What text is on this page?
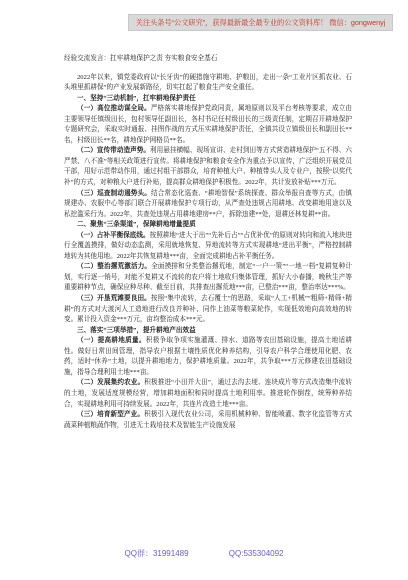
关注头条号“公文研究”，获得最新最全最专业的公文资料库！ 微信：gongwenyj

经验交流发言：扛牢耕地保护之责 夯实粮食安全基石

2022年以来，镇党委政府以“长牙齿”的硬措施守耕地、护粮田，走出一条“工业片区抓农业、石头堆里抓耕保”的产业发展新路径，切实扛起了粮食生产安全重任。

一、坚持“三动机制”，扛牢耕地保护责任

（一）高位推动谋全局。严格落实耕地保护党政同责，属地原则以及平台考核等要求，成立由主要领导任镇级田长，包村领导任副田长，各村书记任村级田长的三级责任制，定期召开耕地保护专题研究会，采取实时通报、挂图作战的方式压实耕地保护责任，全镇共设立镇级田长和副田长**名，村级田长**名，耕地保护网格员**名。

（二）宣传带动造声势。利用悬挂横幅、现场宣讲、走村到田等方式营造耕地保护“五不得、六严禁、八不准”等相关政策进行宣传。将耕地保护和粮食安全作为重点予以宣传，广泛组织开展党员干部，用好示范带动作用，通过村组干部群众，培育种植大户、种植带头人及专业户，按照“以奖代补”的方式，对种粮大户进行补贴，提高群众耕地保护积极性。2022年，共计发放补贴***万元。

（三）巡查制动遏势头。结合常态化巡查、“耕地智保”系统探查、群众举报自查等方式，由镇规建办、农服中心等部门联合开展耕地保护专项行动，从严查处违规占用耕地、改变耕地用途以及私挖滥采行为。2022年，共查处违规占用耕地建房**户，拆除违建**处，退耕还林复耕**亩。

二、聚焦“三条渠道”，保障耕地增量提质

（一）占补平衡保底线。按照耕地“进大于出”“先补后占”“占优补优”的原则对转向和流入地块进行全覆盖摸排，做好动态监测，采用就地恢复、异地流转等方式实现耕地“进出平衡”，严格控制耕地转为其他用地。2022年共恢复耕地***亩，全面完成耕地占补平衡任务。

（二）整治撂荒激活力。全面摸排和分类整治撂荒地，制定“一户一策”“一地一档”复耕复种计划，实行逐一销号，对能不复耕又不流转的农户将土地收归集体管理，抓好大小春播，晚秋生产等重要耕种节点，确保应种尽种、截至目前，共排查出撂荒地***亩，已整治***亩，整治率达***%。

（三）开垦荒滩要良田。按照“集中流转，去石覆土”的思路，采取“人工+机械”“粗筛+精筛+精耕”的方式对大渡河人工造地进行改良并种补、同作上油菜等粮菜轮作，实现低效地向高效地的转变。累计投入资金***万元，亩均整治成本***元。

三、落实“三项举措”，提升耕地产出效益

（一）提高耕地质量。积极争取争项实施灌溉、排水、道路等农田基础设施，提高土地适耕性。做好日常田间管理，指导农户根据土壤性质优化种养结构，引导农户科学合理使用化肥、农药，适时“休养”土地，以提升耕地地力，保护耕地质量。2022年，共争取***万元修建农田基础设施，指导合理利用土地***亩。

（二）发展集约农业。积极推进“小田并大田”，通过去沟去埂、连块成片等方式改造集中流转的土地，发展适度规模经营，增加耕地面积和同时提高土地利用率。推进轮作倒茬，统筹种养结合，实现耕地利用可持续发展。2022年，共连片改造土地***亩。

（三）培育新型产业。积极引入现代农业公司，采用机械种种、智能喷灌、数字化监管等方式蔬菜种植粮蔬作物，引进无土栽培技术及智能生产设施发展

QQ群：31991489	QQ:535304092
